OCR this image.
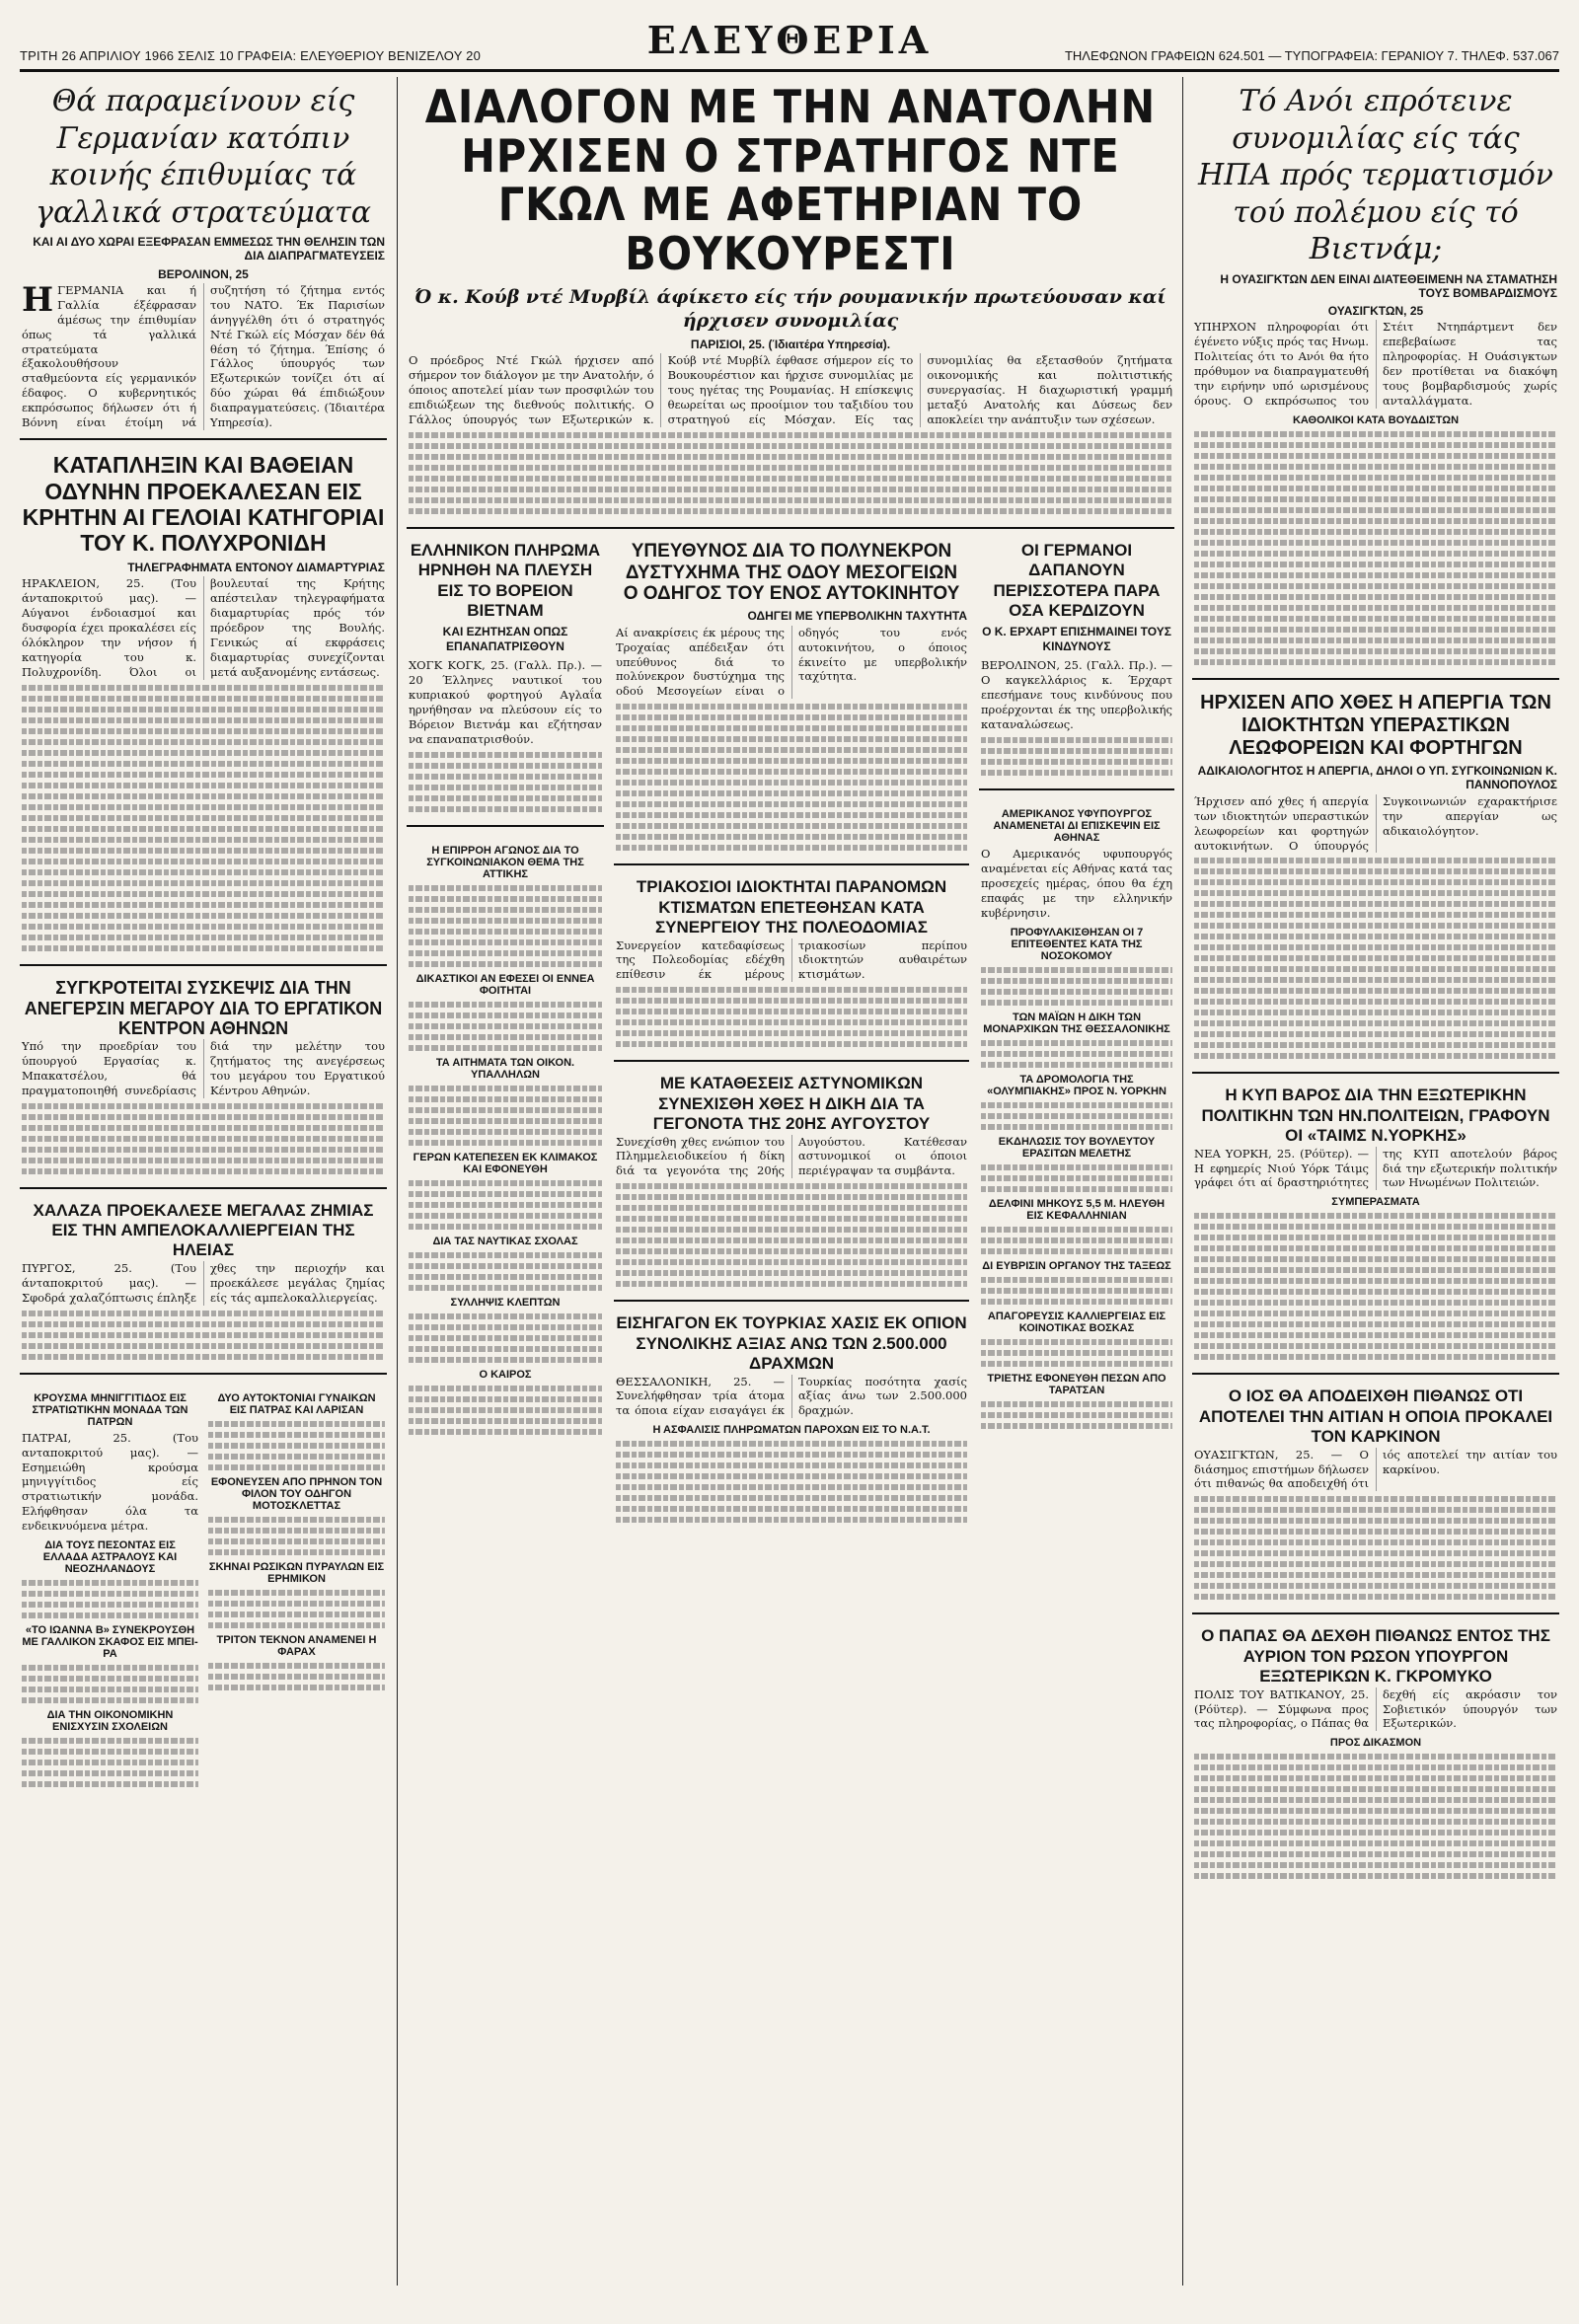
ΤΡΙΤΗ 26 ΑΠΡΙΛΙΟΥ 1966 ΣΕΛΙΣ 10 ΓΡΑΦΕΙΑ: ΕΛΕΥΘΕΡΙΟΥ ΒΕΝΙΖΕΛΟΥ 20	ΕΛΕΥΘΕΡΙΑ	ΤΗΛΕΦΩΝΟΝ ΓΡΑΦΕΙΩΝ 624.501 — ΤΥΠΟΓΡΑΦΕΙΑ: ΓΕΡΑΝΙΟΥ 7. ΤΗΛΕΦ. 537.067
Θά παραμείνουν είς Γερμανίαν κατόπιν κοινής έπιθυμίας τά γαλλικά στρατεύματα
ΚΑΙ ΑΙ ΔΥΟ ΧΩΡΑΙ ΕΞΕΦΡΑΣΑΝ ΕΜΜΕΣΩΣ ΤΗΝ ΘΕΛΗΣΙΝ ΤΩΝ ΔΙΑ ΔΙΑΠΡΑΓΜΑΤΕΥΣΕΙΣ
ΒΕΡΟΛΙΝΟΝ, 25
ΗΓΕΡΜΑΝΙΑ και ή Γαλλία έξέφρασαν άμέσως την έπιθυμίαν όπως τά γαλλικά στρατεύματα έξακολουθήσουν σταθμεύοντα είς γερμανικόν έδαφος. Ο κυβερνητικός εκπρόσωπος δήλωσεν ότι ή Βόννη είναι έτοίμη νά συζητήση τό ζήτημα εντός του ΝΑΤΟ. Έκ Παρισίων άνηγγέλθη ότι ό στρατηγός Ντέ Γκώλ είς Μόσχαν δέν θά θέση τό ζήτημα. Έπίσης ό Γάλλος ύπουργός των Εξωτερικών τονίζει ότι αί δύο χώραι θά έπιδιώξουν διαπραγματεύσεις. (Ίδιαιτέρα Υπηρεσία).
ΚΑΤΑΠΛΗΞΙΝ ΚΑΙ ΒΑΘΕΙΑΝ ΟΔΥΝΗΝ ΠΡΟΕΚΑΛΕΣΑΝ ΕΙΣ ΚΡΗΤΗΝ ΑΙ ΓΕΛΟΙΑΙ ΚΑΤΗΓΟΡΙΑΙ ΤΟΥ Κ. ΠΟΛΥΧΡΟΝΙΔΗ
ΤΗΛΕΓΡΑΦΗΜΑΤΑ ΕΝΤΟΝΟΥ ΔΙΑΜΑΡΤΥΡΙΑΣ
ΗΡΑΚΛΕΙΟΝ, 25. (Του άνταποκριτού μας). — Αύγανοι ένδοιασμοί και δυσφορία έχει προκαλέσει είς όλόκληρον την νήσον ή κατηγορία του κ. Πολυχρονίδη. Όλοι οι βουλευταί της Κρήτης απέστειλαν τηλεγραφήματα διαμαρτυρίας πρός τόν πρόεδρον της Βουλής. Γενικώς αί εκφράσεις διαμαρτυρίας συνεχίζονται μετά αυξανομένης εντάσεως.
ΣΥΓΚΡΟΤΕΙΤΑΙ ΣΥΣΚΕΨΙΣ ΔΙΑ ΤΗΝ ΑΝΕΓΕΡΣΙΝ ΜΕΓΑΡΟΥ ΔΙΑ ΤΟ ΕΡΓΑΤΙΚΟΝ ΚΕΝΤΡΟΝ ΑΘΗΝΩΝ
Υπό την προεδρίαν του ύπουργού Εργασίας κ. Μπακατσέλου, θά πραγματοποιηθή συνεδρίασις διά την μελέτην του ζητήματος της ανεγέρσεως του μεγάρου του Εργατικού Κέντρου Αθηνών.
ΧΑΛΑΖΑ ΠΡΟΕΚΑΛΕΣΕ ΜΕΓΑΛΑΣ ΖΗΜΙΑΣ ΕΙΣ ΤΗΝ ΑΜΠΕΛΟΚΑΛΛΙΕΡΓΕΙΑΝ ΤΗΣ ΗΛΕΙΑΣ
ΠΥΡΓΟΣ, 25. (Του άνταποκριτού μας). — Σφοδρά χαλαζόπτωσις έπληξε χθες την περιοχήν και προεκάλεσε μεγάλας ζημίας είς τάς αμπελοκαλλιεργείας.
ΚΡΟΥΣΜΑ ΜΗΝΙΓΓΙΤΙΔΟΣ ΕΙΣ ΣΤΡΑΤΙΩΤΙΚΗΝ ΜΟΝΑΔΑ ΤΩΝ ΠΑΤΡΩΝ
ΠΑΤΡΑΙ, 25. (Του ανταποκριτού μας). — Εσημειώθη κρούσμα μηνιγγίτιδος είς στρατιωτικήν μονάδα. Ελήφθησαν όλα τα ενδεικνυόμενα μέτρα.
ΔΙΑ ΤΟΥΣ ΠΕΣΟΝΤΑΣ ΕΙΣ ΕΛΛΑΔΑ ΑΣΤΡΑΛΟΥΣ ΚΑΙ ΝΕΟΖΗΛΑΝΔΟΥΣ
«ΤΟ ΙΩΑΝΝΑ Β» ΣΥΝΕΚΡΟΥΣΘΗ ΜΕ ΓΑΛΛΙΚΟΝ ΣΚΑΦΟΣ ΕΙΣ ΜΠΕΙ-ΡΑ
ΔΙΑ ΤΗΝ ΟΙΚΟΝΟΜΙΚΗΝ ΕΝΙΣΧΥΣΙΝ ΣΧΟΛΕΙΩΝ
ΔΥΟ ΑΥΤΟΚΤΟΝΙΑΙ ΓΥΝΑΙΚΩΝ ΕΙΣ ΠΑΤΡΑΣ ΚΑΙ ΛΑΡΙΣΑΝ
ΕΦΟΝΕΥΣΕΝ ΑΠΟ ΠΡΗΝΟΝ ΤΟΝ ΦΙΛΟΝ ΤΟΥ ΟΔΗΓΟΝ ΜΟΤΟΣΚΛΕΤΤΑΣ
ΣΚΗΝΑΙ ΡΩΣΙΚΩΝ ΠΥΡΑΥΛΩΝ ΕΙΣ ΕΡΗΜΙΚΟΝ
ΤΡΙΤΟΝ ΤΕΚΝΟΝ ΑΝΑΜΕΝΕΙ Η ΦΑΡΑΧ
ΔΙΑΛΟΓΟΝ ΜΕ ΤΗΝ ΑΝΑΤΟΛΗΝ ΗΡΧΙΣΕΝ Ο ΣΤΡΑΤΗΓΟΣ ΝΤΕ ΓΚΩΛ ΜΕ ΑΦΕΤΗΡΙΑΝ ΤΟ ΒΟΥΚΟΥΡΕΣΤΙ
Ό κ. Κούβ ντέ Μυρβίλ άφίκετο είς τήν ρουμανικήν πρωτεύουσαν καί ήρχισεν συνομιλίας
ΠΑΡΙΣΙΟΙ, 25. (Ίδιαιτέρα Υπηρεσία).
Ο πρόεδρος Ντέ Γκώλ ήρχισεν από σήμερον τον διάλογον με την Ανατολήν, ό όποιος αποτελεί μίαν των προσφιλών του επιδιώξεων της διεθνούς πολιτικής. Ο Γάλλος ύπουργός των Εξωτερικών κ. Κούβ ντέ Μυρβίλ έφθασε σήμερον είς το Βουκουρέστιον και ήρχισε συνομιλίας με τους ηγέτας της Ρουμανίας. Η επίσκεψις θεωρείται ως προοίμιον του ταξιδίου του στρατηγού είς Μόσχαν. Είς τας συνομιλίας θα εξετασθούν ζητήματα οικονομικής και πολιτιστικής συνεργασίας. Η διαχωριστική γραμμή μεταξύ Ανατολής και Δύσεως δεν αποκλείει την ανάπτυξιν των σχέσεων.
ΕΛΛΗΝΙΚΟΝ ΠΛΗΡΩΜΑ ΗΡΝΗΘΗ ΝΑ ΠΛΕΥΣΗ ΕΙΣ ΤΟ ΒΟΡΕΙΟΝ ΒΙΕΤΝΑΜ
ΚΑΙ ΕΖΗΤΗΣΑΝ ΟΠΩΣ ΕΠΑΝΑΠΑΤΡΙΣΘΟΥΝ
ΧΟΓΚ ΚΟΓΚ, 25. (Γαλλ. Πρ.). — 20 Έλληνες ναυτικοί του κυπριακού φορτηγού Αγλαΐα ηρνήθησαν να πλεύσουν είς το Βόρειον Βιετνάμ και εζήτησαν να επαναπατρισθούν.
Η ΕΠΙΡΡΟΗ ΑΓΩΝΟΣ ΔΙΑ ΤΟ ΣΥΓΚΟΙΝΩΝΙΑΚΟΝ ΘΕΜΑ ΤΗΣ ΑΤΤΙΚΗΣ
ΔΙΚΑΣΤΙΚΟΙ ΑΝ ΕΦΕΣΕΙ ΟΙ ΕΝΝΕΑ ΦΟΙΤΗΤΑΙ
ΤΑ ΑΙΤΗΜΑΤΑ ΤΩΝ ΟΙΚΟΝ. ΥΠΑΛΛΗΛΩΝ
ΓΕΡΩΝ ΚΑΤΕΠΕΣΕΝ ΕΚ ΚΛΙΜΑΚΟΣ ΚΑΙ ΕΦΟΝΕΥΘΗ
ΔΙΑ ΤΑΣ ΝΑΥΤΙΚΑΣ ΣΧΟΛΑΣ
ΣΥΛΛΗΨΙΣ ΚΛΕΠΤΩΝ
Ο ΚΑΙΡΟΣ
ΥΠΕΥΘΥΝΟΣ ΔΙΑ ΤΟ ΠΟΛΥΝΕΚΡΟΝ ΔΥΣΤΥΧΗΜΑ ΤΗΣ ΟΔΟΥ ΜΕΣΟΓΕΙΩΝ Ο ΟΔΗΓΟΣ ΤΟΥ ΕΝΟΣ ΑΥΤΟΚΙΝΗΤΟΥ
ΟΔΗΓΕΙ ΜΕ ΥΠΕΡΒΟΛΙΚΗΝ ΤΑΧΥΤΗΤΑ
Αί ανακρίσεις έκ μέρους της Τροχαίας απέδειξαν ότι υπεύθυνος διά το πολύνεκρον δυστύχημα της οδού Μεσογείων είναι ο οδηγός του ενός αυτοκινήτου, ο όποιος έκινείτο με υπερβολικήν ταχύτητα.
ΤΡΙΑΚΟΣΙΟΙ ΙΔΙΟΚΤΗΤΑΙ ΠΑΡΑΝΟΜΩΝ ΚΤΙΣΜΑΤΩΝ ΕΠΕΤΕΘΗΣΑΝ ΚΑΤΑ ΣΥΝΕΡΓΕΙΟΥ ΤΗΣ ΠΟΛΕΟΔΟΜΙΑΣ
Συνεργείον κατεδαφίσεως της Πολεοδομίας εδέχθη επίθεσιν έκ μέρους τριακοσίων περίπου ιδιοκτητών αυθαιρέτων κτισμάτων.
ΜΕ ΚΑΤΑΘΕΣΕΙΣ ΑΣΤΥΝΟΜΙΚΩΝ ΣΥΝΕΧΙΣΘΗ ΧΘΕΣ Η ΔΙΚΗ ΔΙΑ ΤΑ ΓΕΓΟΝΟΤΑ ΤΗΣ 20ΗΣ ΑΥΓΟΥΣΤΟΥ
Συνεχίσθη χθες ενώπιον του Πλημμελειοδικείου ή δίκη διά τα γεγονότα της 20ής Αυγούστου. Κατέθεσαν αστυνομικοί οι όποιοι περιέγραψαν τα συμβάντα.
ΕΙΣΗΓΑΓΟΝ ΕΚ ΤΟΥΡΚΙΑΣ ΧΑΣΙΣ ΕΚ ΟΠΙΟΝ ΣΥΝΟΛΙΚΗΣ ΑΞΙΑΣ ΑΝΩ ΤΩΝ 2.500.000 ΔΡΑΧΜΩΝ
ΘΕΣΣΑΛΟΝΙΚΗ, 25. — Συνελήφθησαν τρία άτομα τα όποια είχαν εισαγάγει έκ Τουρκίας ποσότητα χασίς αξίας άνω των 2.500.000 δραχμών.
Η ΑΣΦΑΛΙΣΙΣ ΠΛΗΡΩΜΑΤΩΝ ΠΑΡΟΧΩΝ ΕΙΣ ΤΟ Ν.Α.Τ.
ΟΙ ΓΕΡΜΑΝΟΙ ΔΑΠΑΝΟΥΝ ΠΕΡΙΣΣΟΤΕΡΑ ΠΑΡΑ ΟΣΑ ΚΕΡΔΙΖΟΥΝ
Ο Κ. ΕΡΧΑΡΤ ΕΠΙΣΗΜΑΙΝΕΙ ΤΟΥΣ ΚΙΝΔΥΝΟΥΣ
ΒΕΡΟΛΙΝΟΝ, 25. (Γαλλ. Πρ.). — Ο καγκελλάριος κ. Έρχαρτ επεσήμανε τους κινδύνους που προέρχονται έκ της υπερβολικής καταναλώσεως.
ΑΜΕΡΙΚΑΝΟΣ ΥΦΥΠΟΥΡΓΟΣ ΑΝΑΜΕΝΕΤΑΙ ΔΙ ΕΠΙΣΚΕΨΙΝ ΕΙΣ ΑΘΗΝΑΣ
Ο Αμερικανός υφυπουργός αναμένεται είς Αθήνας κατά τας προσεχείς ημέρας, όπου θα έχη επαφάς με την ελληνικήν κυβέρνησιν.
ΠΡΟΦΥΛΑΚΙΣΘΗΣΑΝ ΟΙ 7 ΕΠΙΤΕΘΕΝΤΕΣ ΚΑΤΑ ΤΗΣ ΝΟΣΟΚΟΜΟΥ
ΤΩΝ ΜΑΪΩΝ Η ΔΙΚΗ ΤΩΝ ΜΟΝΑΡΧΙΚΩΝ ΤΗΣ ΘΕΣΣΑΛΟΝΙΚΗΣ
ΤΑ ΔΡΟΜΟΛΟΓΙΑ ΤΗΣ «ΟΛΥΜΠΙΑΚΗΣ» ΠΡΟΣ Ν. ΥΟΡΚΗΝ
ΕΚΔΗΛΩΣΙΣ ΤΟΥ ΒΟΥΛΕΥΤΟΥ ΕΡΑΣΙΤΩΝ ΜΕΛΕΤΗΣ
ΔΕΛΦΙΝΙ ΜΗΚΟΥΣ 5,5 Μ. ΗΛΕΥΘΗ ΕΙΣ ΚΕΦΑΛΛΗΝΙΑΝ
ΔΙ ΕΥΒΡΙΣΙΝ ΟΡΓΑΝΟΥ ΤΗΣ ΤΑΞΕΩΣ
ΑΠΑΓΟΡΕΥΣΙΣ ΚΑΛΛΙΕΡΓΕΙΑΣ ΕΙΣ ΚΟΙΝΟΤΙΚΑΣ ΒΟΣΚΑΣ
ΤΡΙΕΤΗΣ ΕΦΟΝΕΥΘΗ ΠΕΣΩΝ ΑΠΟ ΤΑΡΑΤΣΑΝ
Τό Ανόι επρότεινε συνομιλίας είς τάς ΗΠΑ πρός τερματισμόν τού πολέμου είς τό Βιετνάμ;
Η ΟΥΑΣΙΓΚΤΩΝ ΔΕΝ ΕΙΝΑΙ ΔΙΑΤΕΘΕΙΜΕΝΗ ΝΑ ΣΤΑΜΑΤΗΣΗ ΤΟΥΣ ΒΟΜΒΑΡΔΙΣΜΟΥΣ
ΟΥΑΣΙΓΚΤΩΝ, 25
ΥΠΗΡΧΟΝ πληροφορίαι ότι έγένετο νύξις πρός τας Ηνωμ. Πολιτείας ότι το Ανόι θα ήτο πρόθυμον να διαπραγματευθή την ειρήνην υπό ωρισμένους όρους. Ο εκπρόσωπος του Στέιτ Ντηπάρτμεντ δεν επεβεβαίωσε τας πληροφορίας. Η Ουάσιγκτων δεν προτίθεται να διακόψη τους βομβαρδισμούς χωρίς ανταλλάγματα.
ΚΑΘΟΛΙΚΟΙ ΚΑΤΑ ΒΟΥΔΔΙΣΤΩΝ
ΗΡΧΙΣΕΝ ΑΠΟ ΧΘΕΣ Η ΑΠΕΡΓΙΑ ΤΩΝ ΙΔΙΟΚΤΗΤΩΝ ΥΠΕΡΑΣΤΙΚΩΝ ΛΕΩΦΟΡΕΙΩΝ ΚΑΙ ΦΟΡΤΗΓΩΝ
ΑΔΙΚΑΙΟΛΟΓΗΤΟΣ Η ΑΠΕΡΓΙΑ, ΔΗΛΟΙ Ο ΥΠ. ΣΥΓΚΟΙΝΩΝΙΩΝ Κ. ΠΑΝΝΟΠΟΥΛΟΣ
Ήρχισεν από χθες ή απεργία των ιδιοκτητών υπεραστικών λεωφορείων και φορτηγών αυτοκινήτων. Ο ύπουργός Συγκοινωνιών εχαρακτήρισε την απεργίαν ως αδικαιολόγητον.
Η ΚΥΠ ΒΑΡΟΣ ΔΙΑ ΤΗΝ ΕΞΩΤΕΡΙΚΗΝ ΠΟΛΙΤΙΚΗΝ ΤΩΝ ΗΝ.ΠΟΛΙΤΕΙΩΝ, ΓΡΑΦΟΥΝ ΟΙ «ΤΑΙΜΣ Ν.ΥΟΡΚΗΣ»
ΝΕΑ ΥΟΡΚΗ, 25. (Ρόϋτερ). — Η εφημερίς Νιού Υόρκ Τάιμς γράφει ότι αί δραστηριότητες της ΚΥΠ αποτελούν βάρος διά την εξωτερικήν πολιτικήν των Ηνωμένων Πολιτειών.
ΣΥΜΠΕΡΑΣΜΑΤΑ
Ο ΙΟΣ ΘΑ ΑΠΟΔΕΙΧΘΗ ΠΙΘΑΝΩΣ ΟΤΙ ΑΠΟΤΕΛΕΙ ΤΗΝ ΑΙΤΙΑΝ Η ΟΠΟΙΑ ΠΡΟΚΑΛΕΙ ΤΟΝ ΚΑΡΚΙΝΟΝ
ΟΥΑΣΙΓΚΤΩΝ, 25. — Ο διάσημος επιστήμων δήλωσεν ότι πιθανώς θα αποδειχθή ότι ιός αποτελεί την αιτίαν του καρκίνου.
Ο ΠΑΠΑΣ ΘΑ ΔΕΧΘΗ ΠΙΘΑΝΩΣ ΕΝΤΟΣ ΤΗΣ ΑΥΡΙΟΝ ΤΟΝ ΡΩΣΟΝ ΥΠΟΥΡΓΟΝ ΕΞΩΤΕΡΙΚΩΝ Κ. ΓΚΡΟΜΥΚΟ
ΠΟΛΙΣ ΤΟΥ ΒΑΤΙΚΑΝΟΥ, 25. (Ρόϋτερ). — Σύμφωνα προς τας πληροφορίας, ο Πάπας θα δεχθή είς ακρόασιν τον Σοβιετικόν ύπουργόν των Εξωτερικών.
ΠΡΟΣ ΔΙΚΑΣΜΟΝ
